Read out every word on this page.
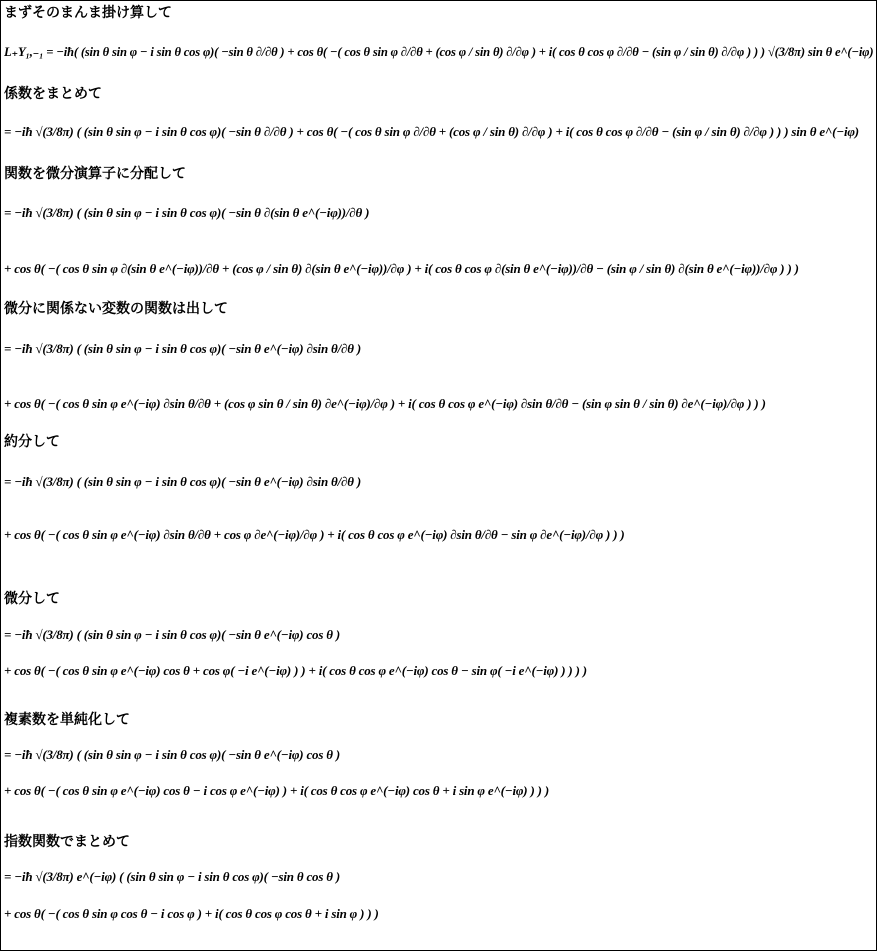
まずそのまんま掛け算して
L₊Y₁,₋₁ = −iħ( (sin θ sin φ − i sin θ cos φ)( −sin θ ∂/∂θ ) + cos θ( −( cos θ sin φ ∂/∂θ + (cos φ / sin θ) ∂/∂φ ) + i( cos θ cos φ ∂/∂θ − (sin φ / sin θ) ∂/∂φ ) ) ) √(3/8π) sin θ e^(−iφ)
係数をまとめて
= −iħ √(3/8π) ( (sin θ sin φ − i sin θ cos φ)( −sin θ ∂/∂θ ) + cos θ( −( cos θ sin φ ∂/∂θ + (cos φ / sin θ) ∂/∂φ ) + i( cos θ cos φ ∂/∂θ − (sin φ / sin θ) ∂/∂φ ) ) ) sin θ e^(−iφ)
関数を微分演算子に分配して
= −iħ √(3/8π) ( (sin θ sin φ − i sin θ cos φ)( −sin θ ∂(sin θ e^(−iφ))/∂θ )
+ cos θ( −( cos θ sin φ ∂(sin θ e^(−iφ))/∂θ + (cos φ / sin θ) ∂(sin θ e^(−iφ))/∂φ ) + i( cos θ cos φ ∂(sin θ e^(−iφ))/∂θ − (sin φ / sin θ) ∂(sin θ e^(−iφ))/∂φ ) ) )
微分に関係ない変数の関数は出して
= −iħ √(3/8π) ( (sin θ sin φ − i sin θ cos φ)( −sin θ e^(−iφ) ∂sin θ/∂θ )
+ cos θ( −( cos θ sin φ e^(−iφ) ∂sin θ/∂θ + (cos φ sin θ / sin θ) ∂e^(−iφ)/∂φ ) + i( cos θ cos φ e^(−iφ) ∂sin θ/∂θ − (sin φ sin θ / sin θ) ∂e^(−iφ)/∂φ ) ) )
約分して
= −iħ √(3/8π) ( (sin θ sin φ − i sin θ cos φ)( −sin θ e^(−iφ) ∂sin θ/∂θ )
+ cos θ( −( cos θ sin φ e^(−iφ) ∂sin θ/∂θ + cos φ ∂e^(−iφ)/∂φ ) + i( cos θ cos φ e^(−iφ) ∂sin θ/∂θ − sin φ ∂e^(−iφ)/∂φ ) ) )
微分して
= −iħ √(3/8π) ( (sin θ sin φ − i sin θ cos φ)( −sin θ e^(−iφ) cos θ )
+ cos θ( −( cos θ sin φ e^(−iφ) cos θ + cos φ( −i e^(−iφ) ) ) + i( cos θ cos φ e^(−iφ) cos θ − sin φ( −i e^(−iφ) ) ) ) )
複素数を単純化して
= −iħ √(3/8π) ( (sin θ sin φ − i sin θ cos φ)( −sin θ e^(−iφ) cos θ )
+ cos θ( −( cos θ sin φ e^(−iφ) cos θ − i cos φ e^(−iφ) ) + i( cos θ cos φ e^(−iφ) cos θ + i sin φ e^(−iφ) ) ) )
指数関数でまとめて
= −iħ √(3/8π) e^(−iφ) ( (sin θ sin φ − i sin θ cos φ)( −sin θ cos θ )
+ cos θ( −( cos θ sin φ cos θ − i cos φ ) + i( cos θ cos φ cos θ + i sin φ ) ) )
